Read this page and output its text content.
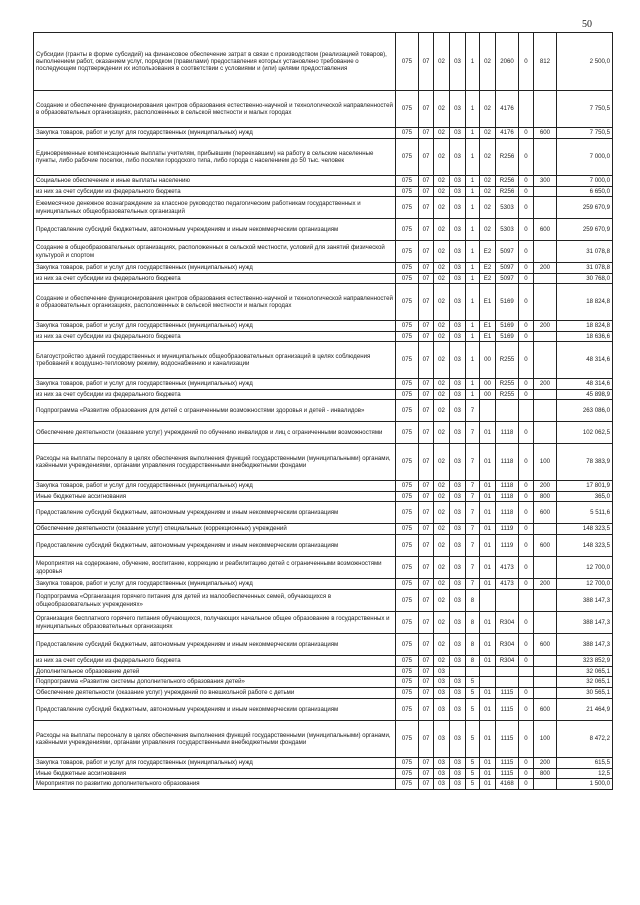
50
Субсидии (гранты в форме субсидий) на финансовое обеспечение затрат в связи с производством (реализацией товаров), выполнением работ, оказанием услуг, порядком (правилами) предоставления которых установлено требование о последующем подтверждении их использования в соответствии с условиями и (или) целями предоставления	075	07	02	03	1	02	2060	0	812	2 500,0
Создание и обеспечение функционирования центров образования естественно-научной и технологической направленностей в образовательных организациях, расположенных в сельской местности и малых городах	075	07	02	03	1	02	4176			7 750,5
Закупка товаров, работ и услуг для государственных (муниципальных) нужд	075	07	02	03	1	02	4176	0	600	7 750,5
Единовременные компенсационные выплаты учителям, прибывшим (переехавшим) на работу в сельские населенные пункты, либо рабочие поселки, либо поселки городского типа, либо города с населением до 50 тыс. человек	075	07	02	03	1	02	R256	0		7 000,0
Социальное обеспечение и иные выплаты населению	075	07	02	03	1	02	R256	0	300	7 000,0
из них за счет субсидии из федерального бюджета	075	07	02	03	1	02	R256	0		6 650,0
Ежемесячное денежное вознаграждение за классное руководство педагогическим работникам государственных и муниципальных общеобразовательных организаций	075	07	02	03	1	02	5303	0		259 670,9
Предоставление субсидий бюджетным, автономным учреждениям и иным некоммерческим организациям	075	07	02	03	1	02	5303	0	600	259 670,9
Создание в общеобразовательных организациях, расположенных в сельской местности, условий для занятий физической культурой и спортом	075	07	02	03	1	E2	5097	0		31 078,8
Закупка товаров, работ и услуг для государственных (муниципальных) нужд	075	07	02	03	1	E2	5097	0	200	31 078,8
из них за счет субсидии из федерального бюджета	075	07	02	03	1	E2	5097	0		30 768,0
Создание и обеспечение функционирования центров образования естественно-научной и технологической направленностей в образовательных организациях, расположенных в сельской местности и малых городах	075	07	02	03	1	E1	5169	0		18 824,8
Закупка товаров, работ и услуг для государственных (муниципальных) нужд	075	07	02	03	1	E1	5169	0	200	18 824,8
из них за счет субсидии из федерального бюджета	075	07	02	03	1	E1	5169	0		18 636,6
Благоустройство зданий государственных и муниципальных общеобразовательных организаций в целях соблюдения требований к воздушно-тепловому режиму, водоснабжению и канализации	075	07	02	03	1	00	R255	0		48 314,6
Закупка товаров, работ и услуг для государственных (муниципальных) нужд	075	07	02	03	1	00	R255	0	200	48 314,6
из них за счет субсидии из федерального бюджета	075	07	02	03	1	00	R255	0		45 898,9
Подпрограмма «Развитие образования для детей с ограниченными возможностями здоровья и детей - инвалидов»	075	07	02	03	7					263 086,0
Обеспечение деятельности (оказание услуг) учреждений по обучению инвалидов и лиц с ограниченными возможностями	075	07	02	03	7	01	1118	0		102 062,5
Расходы на выплаты персоналу в целях обеспечения выполнения функций государственными (муниципальными) органами, казёнными учреждениями, органами управления государственными внебюджетными фондами	075	07	02	03	7	01	1118	0	100	78 383,9
Закупка товаров, работ и услуг для государственных (муниципальных) нужд	075	07	02	03	7	01	1118	0	200	17 801,9
Иные бюджетные ассигнования	075	07	02	03	7	01	1118	0	800	365,0
Предоставление субсидий бюджетным, автономным учреждениям и иным некоммерческим организациям	075	07	02	03	7	01	1118	0	600	5 511,6
Обеспечение деятельности (оказание услуг) специальных (коррекционных) учреждений	075	07	02	03	7	01	1119	0		148 323,5
Предоставление субсидий бюджетным, автономным учреждениям и иным некоммерческим организациям	075	07	02	03	7	01	1119	0	600	148 323,5
Мероприятия на содержание, обучение, воспитание, коррекцию и реабилитацию детей с ограниченными возможностями здоровья	075	07	02	03	7	01	4173	0		12 700,0
Закупка товаров, работ и услуг для государственных (муниципальных) нужд	075	07	02	03	7	01	4173	0	200	12 700,0
Подпрограмма «Организация горячего питания для детей из малообеспеченных семей, обучающихся в общеобразовательных учреждениях»	075	07	02	03	8					388 147,3
Организация бесплатного горячего питания обучающихся, получающих начальное общее образование в государственных и муниципальных образовательных организациях	075	07	02	03	8	01	R304	0		388 147,3
Предоставление субсидий бюджетным, автономным учреждениям и иным некоммерческим организациям	075	07	02	03	8	01	R304	0	600	388 147,3
из них за счет субсидии из федерального бюджета	075	07	02	03	8	01	R304	0		323 852,9
Дополнительное образование детей	075	07	03							32 065,1
Подпрограмма «Развитие системы дополнительного образования детей»	075	07	03	03	5					32 065,1
Обеспечение деятельности (оказание услуг) учреждений по внешкольной работе с детьми	075	07	03	03	5	01	1115	0		30 565,1
Предоставление субсидий бюджетным, автономным учреждениям и иным некоммерческим организациям	075	07	03	03	5	01	1115	0	600	21 464,9
Расходы на выплаты персоналу в целях обеспечения выполнения функций государственными (муниципальными) органами, казёнными учреждениями, органами управления государственными внебюджетными фондами	075	07	03	03	5	01	1115	0	100	8 472,2
Закупка товаров, работ и услуг для государственных (муниципальных) нужд	075	07	03	03	5	01	1115	0	200	615,5
Иные бюджетные ассигнования	075	07	03	03	5	01	1115	0	800	12,5
Мероприятия по развитию дополнительного образования	075	07	03	03	5	01	4168	0		1 500,0
